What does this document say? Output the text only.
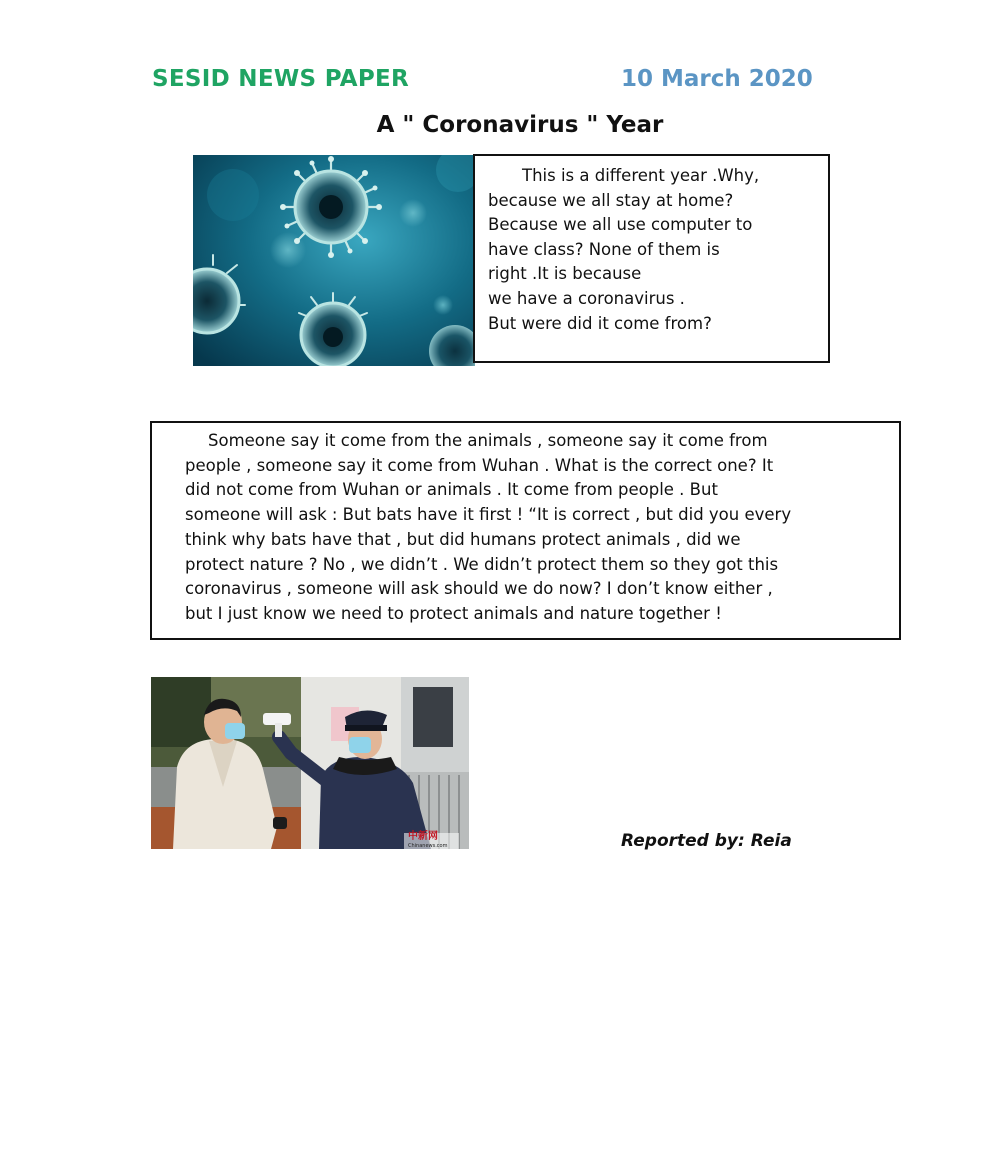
SESID NEWS PAPER	10 March 2020
A " Coronavirus " Year
This is a different year .Why,
because we all stay at home?
Because we all use computer to
have class? None of them is
right .It is because
we have a coronavirus .
But were did it come from?
Someone say it come from the animals , someone say it come from
people , someone say it come from Wuhan . What is the correct one? It
did not come from Wuhan or animals . It come from people . But
someone will ask : But bats have it first ! “It is correct , but did you every
think why bats have that , but did humans protect animals , did we
protect nature ? No , we didn’t . We didn’t protect them so they got this
coronavirus , someone will ask should we do now? I don’t know either ,
but I just know we need to protect animals and nature together !
中新网
Chinanews.com	Reported by: Reia
